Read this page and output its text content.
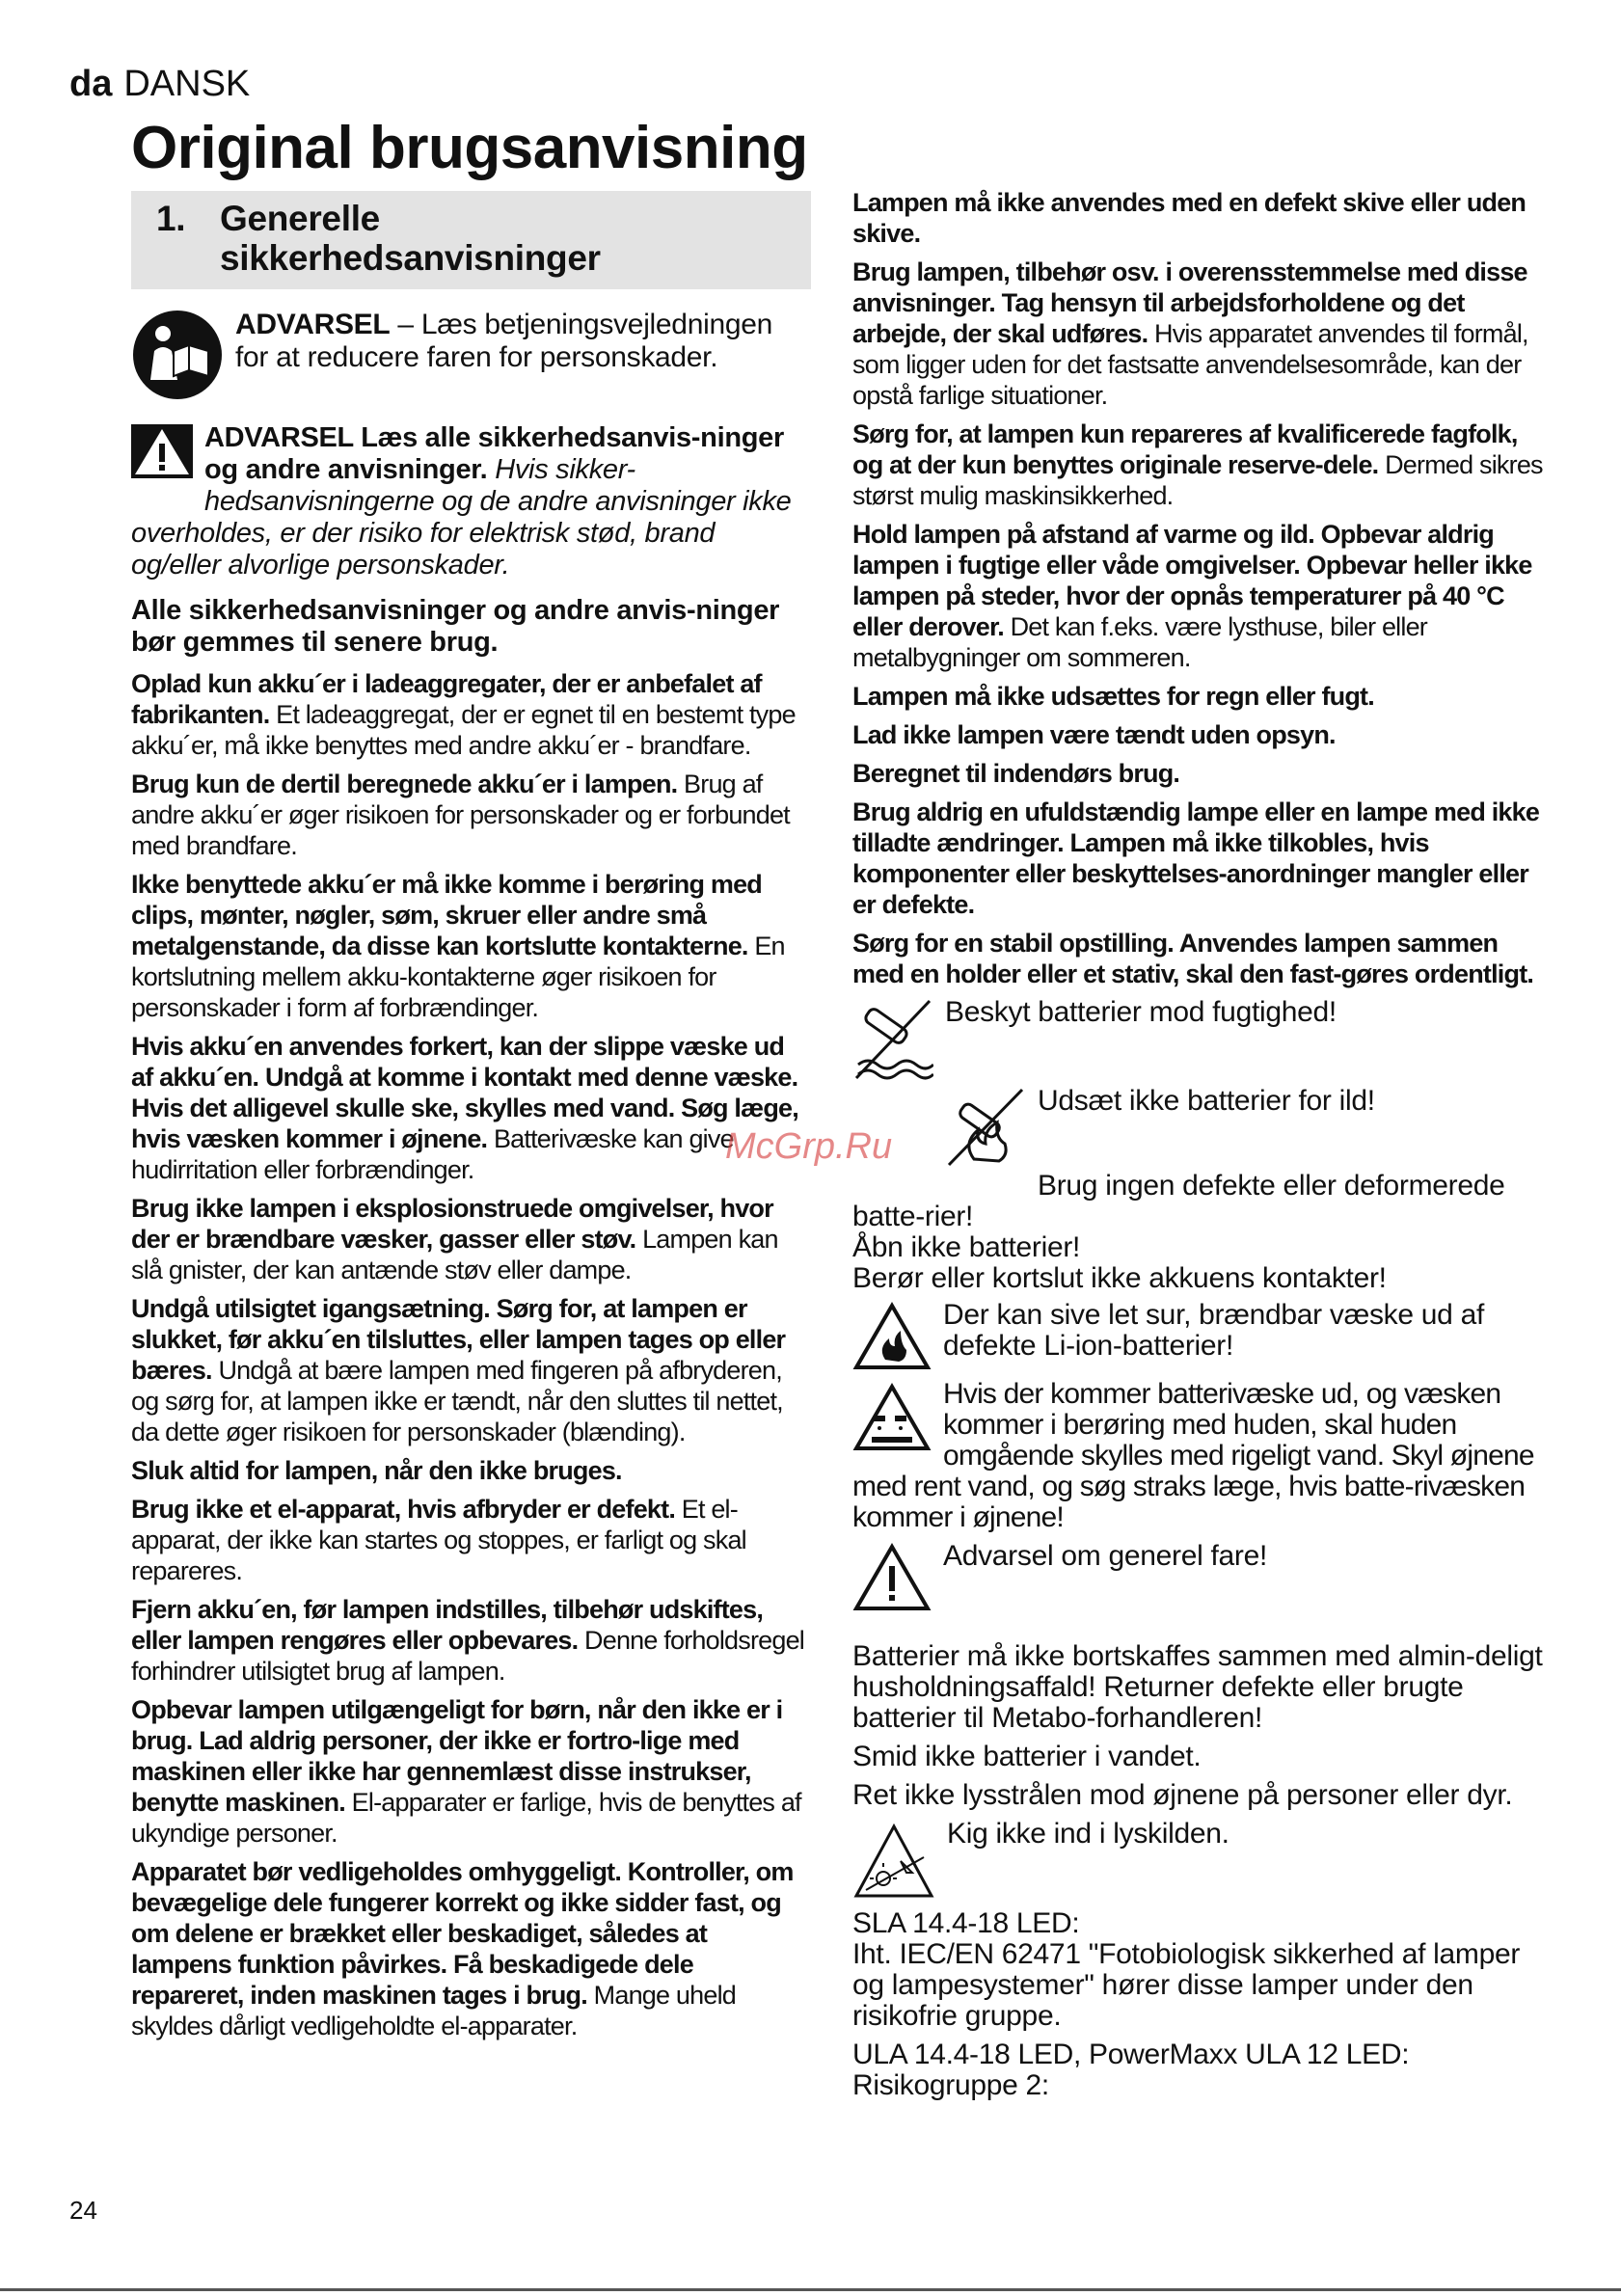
da DANSK
Original brugsanvisning
1. Generelle
sikkerhedsanvisninger
ADVARSEL – Læs betjeningsvejledningen for at reducere faren for personskader.
ADVARSEL Læs alle sikkerhedsanvis-ninger og andre anvisninger. Hvis sikker-hedsanvisningerne og de andre anvisninger ikke overholdes, er der risiko for elektrisk stød, brand og/eller alvorlige personskader.

Alle sikkerhedsanvisninger og andre anvis-ninger bør gemmes til senere brug.

Oplad kun akku´er i ladeaggregater, der er anbefalet af fabrikanten. Et ladeaggregat, der er egnet til en bestemt type akku´er, må ikke benyttes med andre akku´er - brandfare.

Brug kun de dertil beregnede akku´er i lampen. Brug af andre akku´er øger risikoen for personskader og er forbundet med brandfare.

Ikke benyttede akku´er må ikke komme i berøring med clips, mønter, nøgler, søm, skruer eller andre små metalgenstande, da disse kan kortslutte kontakterne. En kortslutning mellem akku-kontakterne øger risikoen for personskader i form af forbrændinger.

Hvis akku´en anvendes forkert, kan der slippe væske ud af akku´en. Undgå at komme i kontakt med denne væske. Hvis det alligevel skulle ske, skylles med vand. Søg læge, hvis væsken kommer i øjnene. Batterivæske kan give hudirritation eller forbrændinger.

Brug ikke lampen i eksplosionstruede omgivelser, hvor der er brændbare væsker, gasser eller støv. Lampen kan slå gnister, der kan antænde støv eller dampe.

Undgå utilsigtet igangsætning. Sørg for, at lampen er slukket, før akku´en tilsluttes, eller lampen tages op eller bæres. Undgå at bære lampen med fingeren på afbryderen, og sørg for, at lampen ikke er tændt, når den sluttes til nettet, da dette øger risikoen for personskader (blænding).

Sluk altid for lampen, når den ikke bruges.

Brug ikke et el-apparat, hvis afbryder er defekt. Et el-apparat, der ikke kan startes og stoppes, er farligt og skal repareres.

Fjern akku´en, før lampen indstilles, tilbehør udskiftes, eller lampen rengøres eller opbevares. Denne forholdsregel forhindrer utilsigtet brug af lampen.

Opbevar lampen utilgængeligt for børn, når den ikke er i brug. Lad aldrig personer, der ikke er fortro-lige med maskinen eller ikke har gennemlæst disse instrukser, benytte maskinen. El-apparater er farlige, hvis de benyttes af ukyndige personer.

Apparatet bør vedligeholdes omhyggeligt. Kontroller, om bevægelige dele fungerer korrekt og ikke sidder fast, og om delene er brækket eller beskadiget, således at lampens funktion påvirkes. Få beskadigede dele repareret, inden maskinen tages i brug. Mange uheld skyldes dårligt vedligeholdte el-apparater.

Lampen må ikke anvendes med en defekt skive eller uden skive.

Brug lampen, tilbehør osv. i overensstemmelse med disse anvisninger. Tag hensyn til arbejdsforholdene og det arbejde, der skal udføres. Hvis apparatet anvendes til formål, som ligger uden for det fastsatte anvendelsesområde, kan der opstå farlige situationer.

Sørg for, at lampen kun repareres af kvalificerede fagfolk, og at der kun benyttes originale reserve-dele. Dermed sikres størst mulig maskinsikkerhed.

Hold lampen på afstand af varme og ild. Opbevar aldrig lampen i fugtige eller våde omgivelser. Opbevar heller ikke lampen på steder, hvor der opnås temperaturer på 40 °C eller derover. Det kan f.eks. være lysthuse, biler eller metalbygninger om sommeren.

Lampen må ikke udsættes for regn eller fugt.

Lad ikke lampen være tændt uden opsyn.

Beregnet til indendørs brug.

Brug aldrig en ufuldstændig lampe eller en lampe med ikke tilladte ændringer. Lampen må ikke tilkobles, hvis komponenter eller beskyttelses-anordninger mangler eller er defekte.

Sørg for en stabil opstilling. Anvendes lampen sammen med en holder eller et stativ, skal den fast-gøres ordentligt.

Beskyt batterier mod fugtighed!
Udsæt ikke batterier for ild!
Brug ingen defekte eller deformerede batte-rier!
Åbn ikke batterier!
Berør eller kortslut ikke akkuens kontakter!
Der kan sive let sur, brændbar væske ud af defekte Li-ion-batterier!
Hvis der kommer batterivæske ud, og væsken kommer i berøring med huden, skal huden omgående skylles med rigeligt vand. Skyl øjnene med rent vand, og søg straks læge, hvis batte-rivæsken kommer i øjnene!
Advarsel om generel fare!

Batterier må ikke bortskaffes sammen med almin-deligt husholdningsaffald! Returner defekte eller brugte batterier til Metabo-forhandleren!

Smid ikke batterier i vandet.

Ret ikke lysstrålen mod øjnene på personer eller dyr.

Kig ikke ind i lyskilden.
SLA 14.4-18 LED:
Iht. IEC/EN 62471 "Fotobiologisk sikkerhed af lamper og lampesystemer" hører disse lamper under den risikofrie gruppe.
ULA 14.4-18 LED, PowerMaxx ULA 12 LED:
Risikogruppe 2:
McGrp.Ru
24
